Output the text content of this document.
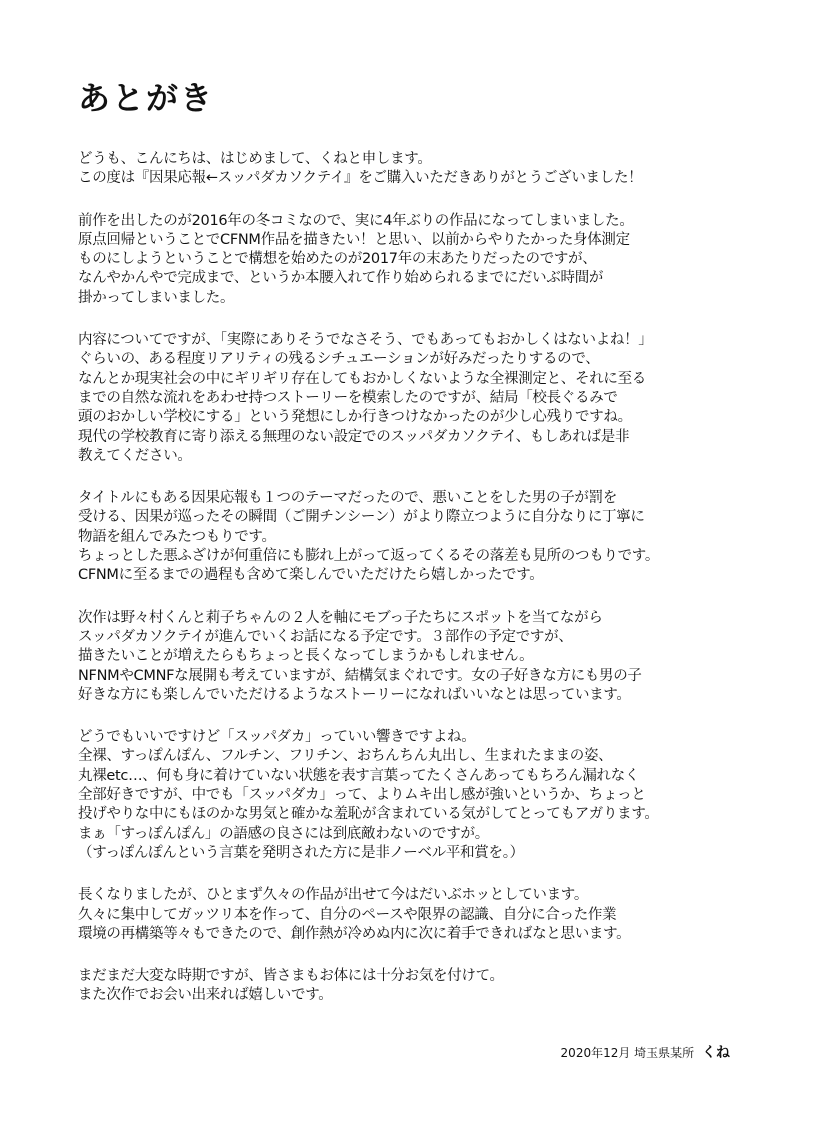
あとがき
どうも、こんにちは、はじめまして、くねと申します。
この度は『因果応報←スッパダカソクテイ』をご購入いただきありがとうございました！
前作を出したのが2016年の冬コミなので、実に4年ぶりの作品になってしまいました。
原点回帰ということでCFNM作品を描きたい！と思い、以前からやりたかった身体測定
ものにしようということで構想を始めたのが2017年の末あたりだったのですが、
なんやかんやで完成まで、というか本腰入れて作り始められるまでにだいぶ時間が
掛かってしまいました。
内容についてですが、「実際にありそうでなさそう、でもあってもおかしくはないよね！」
ぐらいの、ある程度リアリティの残るシチュエーションが好みだったりするので、
なんとか現実社会の中にギリギリ存在してもおかしくないような全裸測定と、それに至る
までの自然な流れをあわせ持つストーリーを模索したのですが、結局「校長ぐるみで
頭のおかしい学校にする」という発想にしか行きつけなかったのが少し心残りですね。
現代の学校教育に寄り添える無理のない設定でのスッパダカソクテイ、もしあれば是非
教えてください。
タイトルにもある因果応報も１つのテーマだったので、悪いことをした男の子が罰を
受ける、因果が巡ったその瞬間（ご開チンシーン）がより際立つように自分なりに丁寧に
物語を組んでみたつもりです。
ちょっとした悪ふざけが何重倍にも膨れ上がって返ってくるその落差も見所のつもりです。
CFNMに至るまでの過程も含めて楽しんでいただけたら嬉しかったです。
次作は野々村くんと莉子ちゃんの２人を軸にモブっ子たちにスポットを当てながら
スッパダカソクテイが進んでいくお話になる予定です。３部作の予定ですが、
描きたいことが増えたらもちょっと長くなってしまうかもしれません。
NFNMやCMNFな展開も考えていますが、結構気まぐれです。女の子好きな方にも男の子
好きな方にも楽しんでいただけるようなストーリーになればいいなとは思っています。
どうでもいいですけど「スッパダカ」っていい響きですよね。
全裸、すっぽんぽん、フルチン、フリチン、おちんちん丸出し、生まれたままの姿、
丸裸etc…、何も身に着けていない状態を表す言葉ってたくさんあってもちろん漏れなく
全部好きですが、中でも「スッパダカ」って、よりムキ出し感が強いというか、ちょっと
投げやりな中にもほのかな男気と確かな羞恥が含まれている気がしてとってもアガります。
まぁ「すっぽんぽん」の語感の良さには到底敵わないのですが。
（すっぽんぽんという言葉を発明された方に是非ノーベル平和賞を。）
長くなりましたが、ひとまず久々の作品が出せて今はだいぶホッとしています。
久々に集中してガッツリ本を作って、自分のペースや限界の認識、自分に合った作業
環境の再構築等々もできたので、創作熱が冷めぬ内に次に着手できればなと思います。
まだまだ大変な時期ですが、皆さまもお体には十分お気を付けて。
また次作でお会い出来れば嬉しいです。
2020年12月 埼玉県某所 くね
